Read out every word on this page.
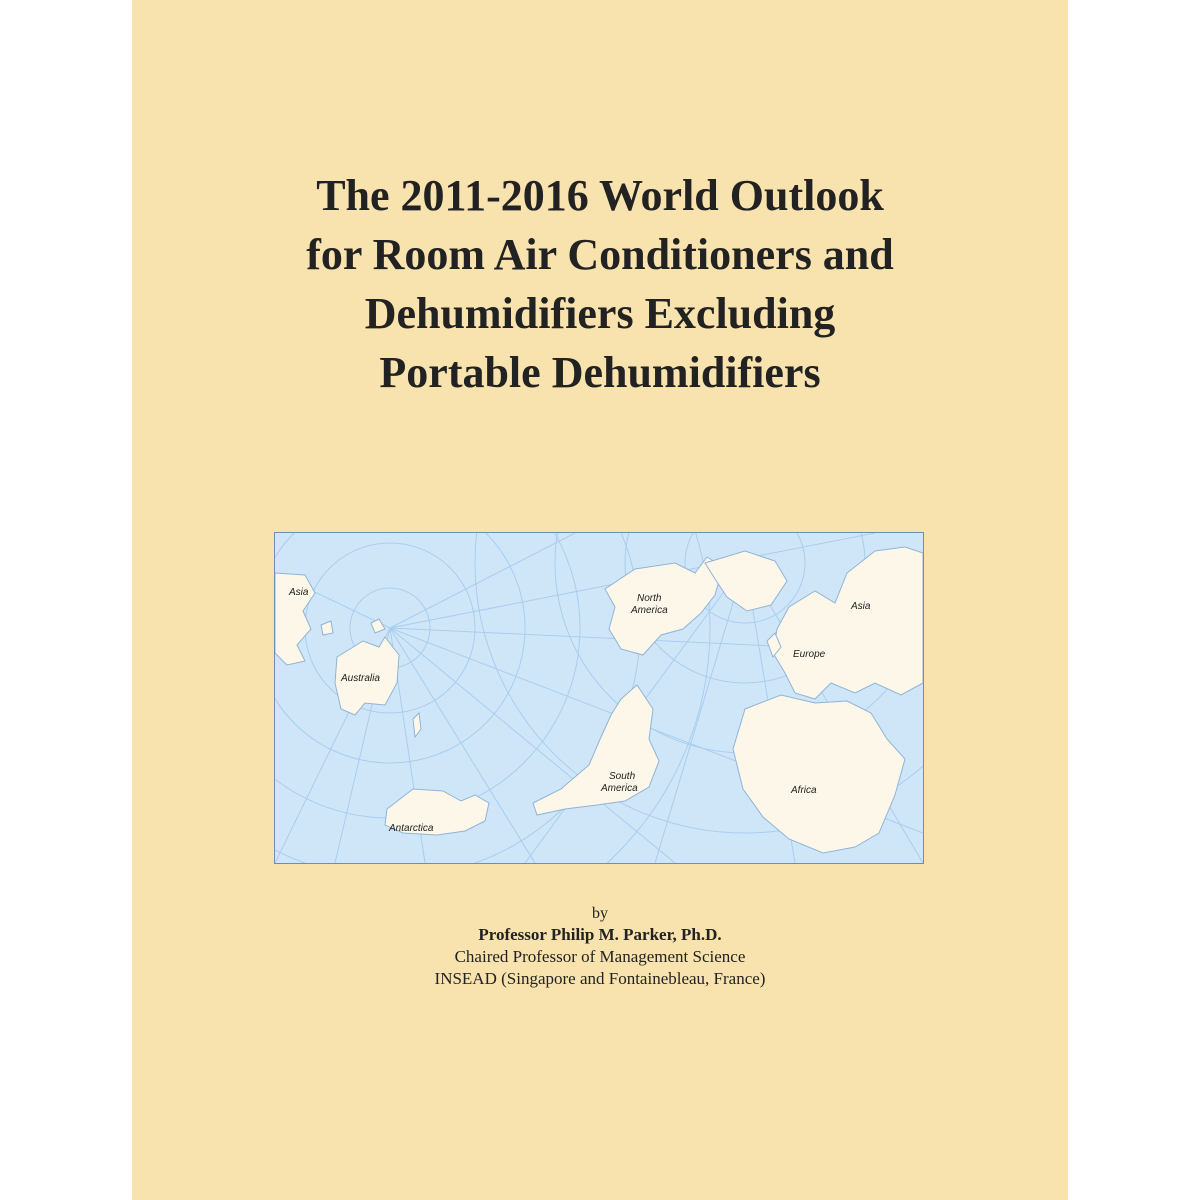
The 2011-2016 World Outlook
for Room Air Conditioners and
Dehumidifiers Excluding
Portable Dehumidifiers
Asia
Australia
Antarctica
North
America
South
America
Europe
Asia
Africa
by
Professor Philip M. Parker, Ph.D.
Chaired Professor of Management Science
INSEAD (Singapore and Fontainebleau, France)
